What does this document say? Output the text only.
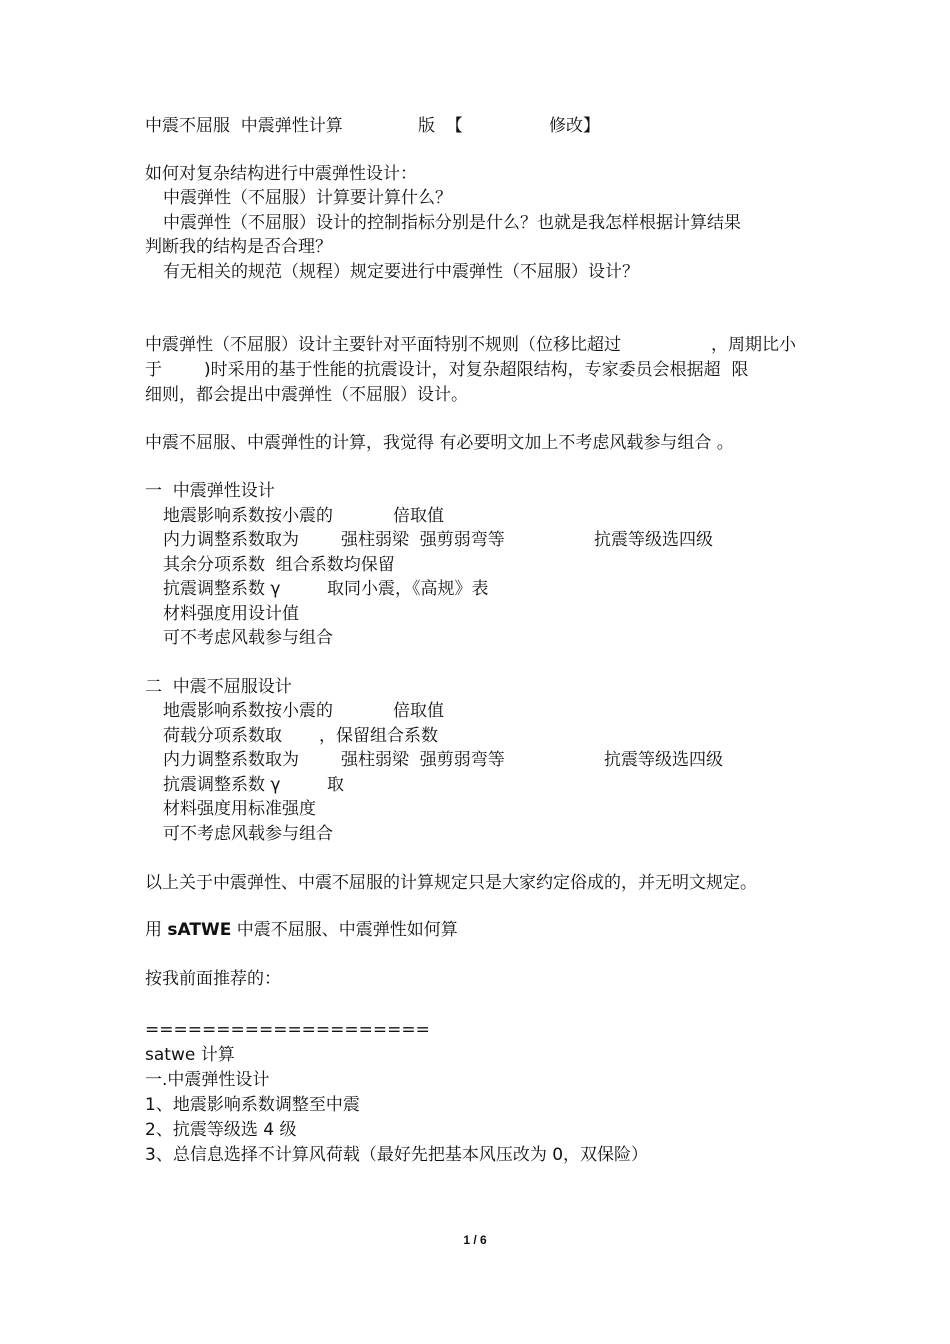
中震不屈服  中震弹性计算	版  【	修改】
如何对复杂结构进行中震弹性设计：
中震弹性（不屈服）计算要计算什么？
中震弹性（不屈服）设计的控制指标分别是什么？也就是我怎样根据计算结果
判断我的结构是否合理？
有无相关的规范（规程）规定要进行中震弹性（不屈服）设计？
中震弹性（不屈服）设计主要针对平面特别不规则（位移比超过	，周期比小
于 )时采用的基于性能的抗震设计，对复杂超限结构，专家委员会根据超  限
细则，都会提出中震弹性（不屈服）设计。
中震不屈服、中震弹性的计算，我觉得 有必要明文加上不考虑风载参与组合 。
一  中震弹性设计
地震影响系数按小震的	倍取值
内力调整系数取为 强柱弱梁  强剪弱弯等	抗震等级选四级
其余分项系数  组合系数均保留
抗震调整系数 γ	取同小震，《高规》表
材料强度用设计值
可不考虑风载参与组合
二  中震不屈服设计
地震影响系数按小震的	倍取值
荷载分项系数取 ，保留组合系数
内力调整系数取为 强柱弱梁  强剪弱弯等	抗震等级选四级
抗震调整系数 γ	取
材料强度用标准强度
可不考虑风载参与组合
以上关于中震弹性、中震不屈服的计算规定只是大家约定俗成的，并无明文规定。
用 sATWE 中震不屈服、中震弹性如何算
按我前面推荐的：
====================
satwe 计算
一.中震弹性设计
1、地震影响系数调整至中震
2、抗震等级选 4 级
3、总信息选择不计算风荷载（最好先把基本风压改为 0，双保险）
1 / 6
